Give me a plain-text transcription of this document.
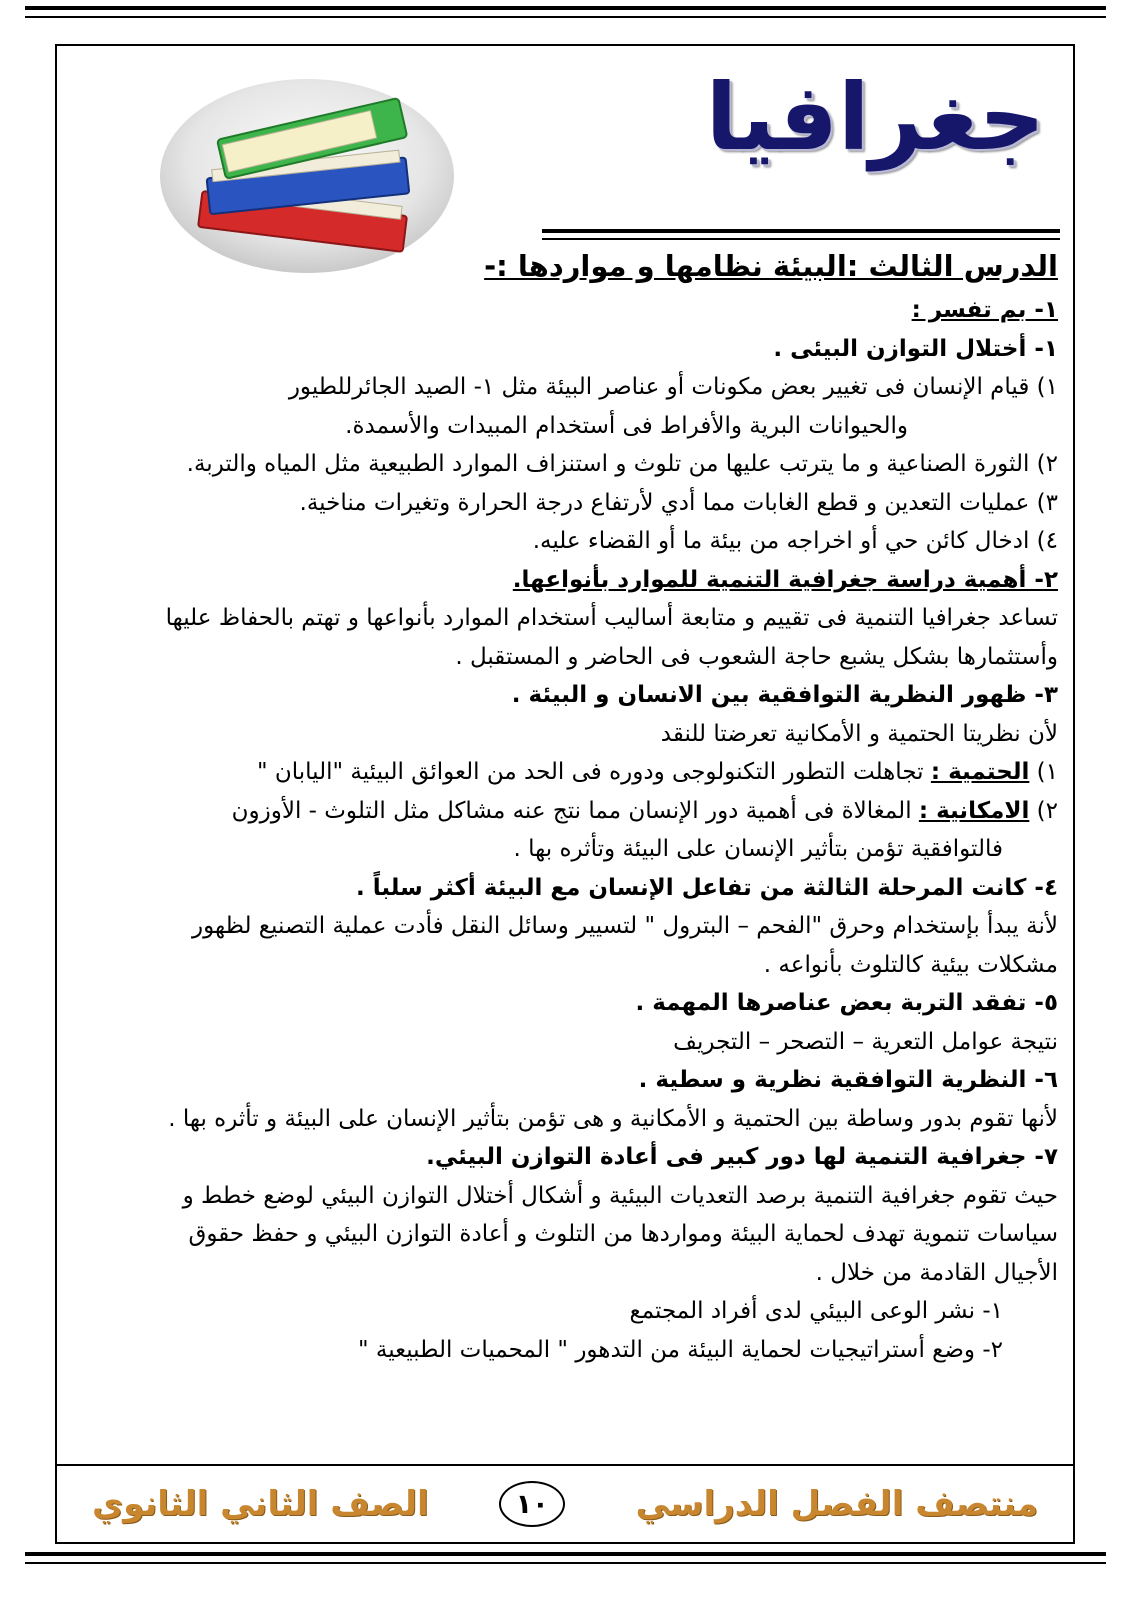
جغرافيا
الدرس الثالث :البيئة نظامها و مواردها :-
١- بم تفسر :
١- أختلال التوازن البيئى .
١) قيام الإنسان فى تغيير بعض مكونات أو عناصر البيئة مثل ١- الصيد الجائرللطيور
والحيوانات البرية والأفراط فى أستخدام المبيدات والأسمدة.
٢) الثورة الصناعية و ما يترتب عليها من تلوث و استنزاف الموارد الطبيعية مثل المياه والتربة.
٣) عمليات التعدين و قطع الغابات مما أدي لأرتفاع درجة الحرارة وتغيرات مناخية.
٤) ادخال كائن حي أو اخراجه من بيئة ما أو القضاء عليه.
٢- أهمية دراسة جغرافية التنمية للموارد بأنواعها.
تساعد جغرافيا التنمية فى تقييم و متابعة أساليب أستخدام الموارد بأنواعها و تهتم بالحفاظ عليها
وأستثمارها بشكل يشبع حاجة الشعوب فى الحاضر و المستقبل .
٣- ظهور النظرية التوافقية بين الانسان و البيئة .
لأن نظريتا الحتمية و الأمكانية تعرضتا للنقد
١) الحتمية : تجاهلت التطور التكنولوجى ودوره فى الحد من العوائق البيئية "اليابان "
٢) الامكانية : المغالاة فى أهمية دور الإنسان مما نتج عنه مشاكل مثل التلوث - الأوزون
فالتوافقية تؤمن بتأثير الإنسان على البيئة وتأثره بها .
٤- كانت المرحلة الثالثة من تفاعل الإنسان مع البيئة أكثر سلباً .
لأنة يبدأ بإستخدام وحرق "الفحم – البترول " لتسيير وسائل النقل فأدت عملية التصنيع لظهور
مشكلات بيئية كالتلوث بأنواعه .
٥- تفقد التربة بعض عناصرها المهمة .
نتيجة عوامل التعرية – التصحر – التجريف
٦- النظرية التوافقية نظرية و سطية .
لأنها تقوم بدور وساطة بين الحتمية و الأمكانية و هى تؤمن بتأثير الإنسان على البيئة و تأثره بها .
٧- جغرافية التنمية لها دور كبير فى أعادة التوازن البيئي.
حيث تقوم جغرافية التنمية برصد التعديات البيئية و أشكال أختلال التوازن البيئي لوضع خطط و
سياسات تنموية تهدف لحماية البيئة ومواردها من التلوث و أعادة التوازن البيئي و حفظ حقوق
الأجيال القادمة من خلال .
١- نشر الوعى البيئي لدى أفراد المجتمع
٢- وضع أستراتيجيات لحماية البيئة من التدهور " المحميات الطبيعية "
منتصف الفصل الدراسي
١٠
الصف الثاني الثانوي
